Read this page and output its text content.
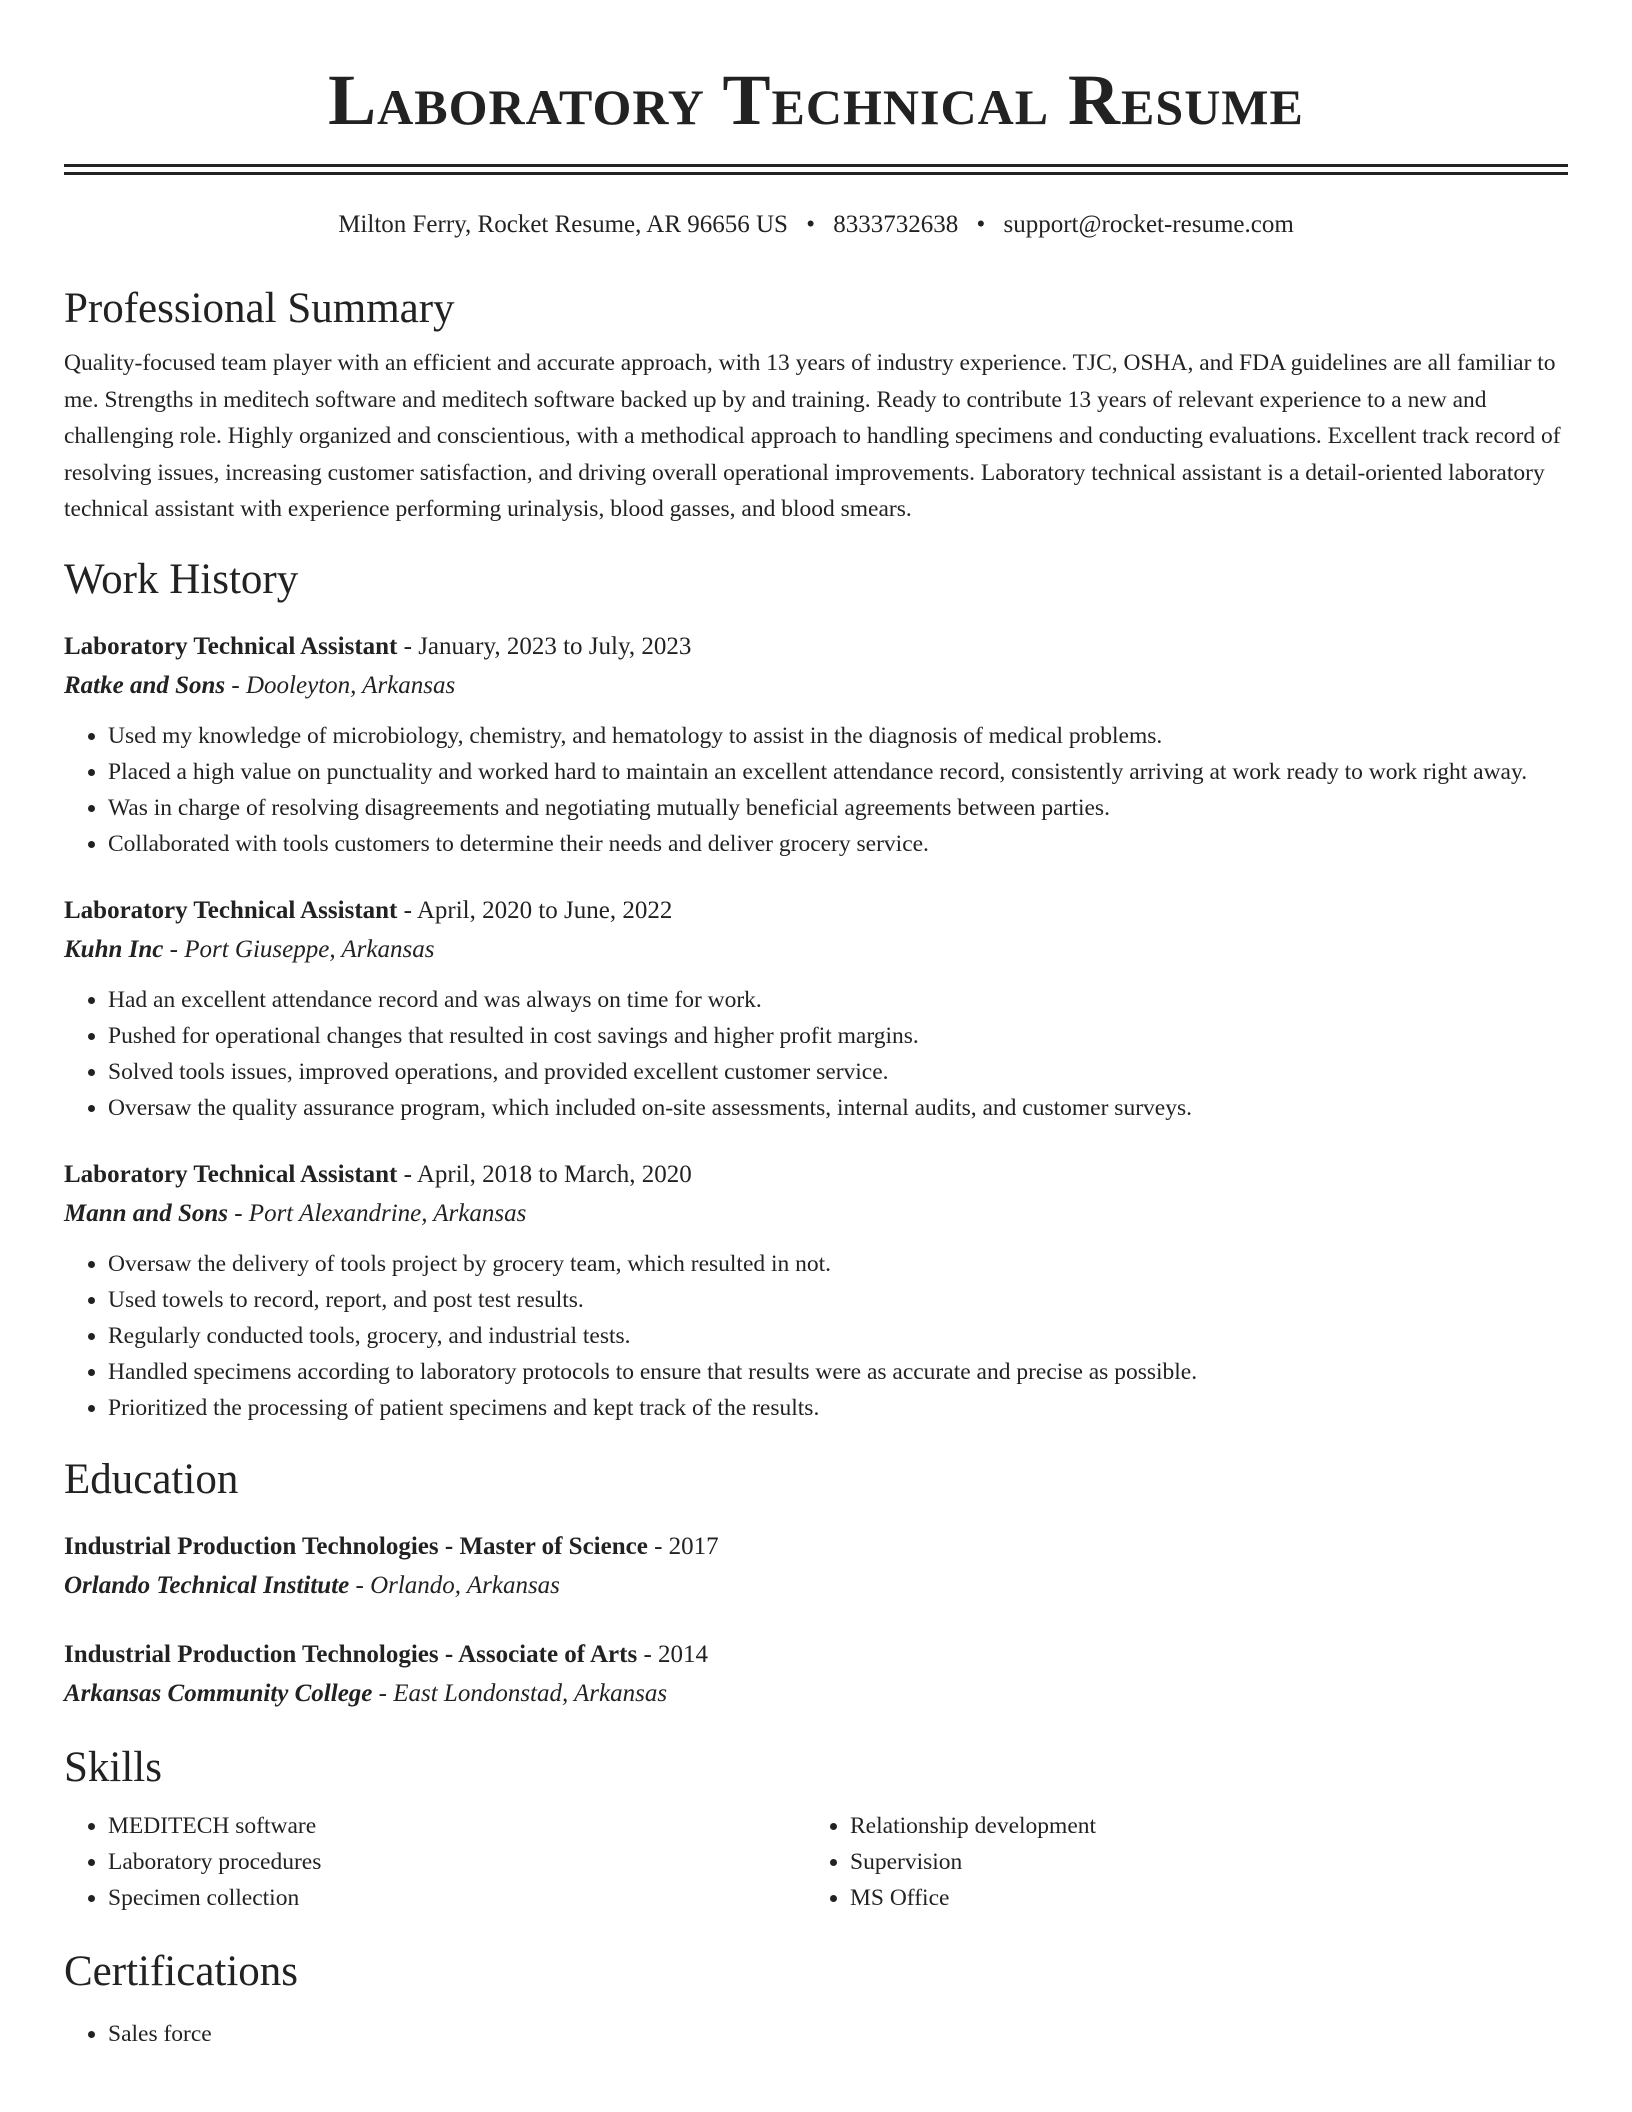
Laboratory Technical Resume
Milton Ferry, Rocket Resume, AR 96656 US • 8333732638 • support@rocket-resume.com
Professional Summary

Quality-focused team player with an efficient and accurate approach, with 13 years of industry experience. TJC, OSHA, and FDA guidelines are all familiar to me. Strengths in meditech software and meditech software backed up by and training. Ready to contribute 13 years of relevant experience to a new and challenging role. Highly organized and conscientious, with a methodical approach to handling specimens and conducting evaluations. Excellent track record of resolving issues, increasing customer satisfaction, and driving overall operational improvements. Laboratory technical assistant is a detail-oriented laboratory technical assistant with experience performing urinalysis, blood gasses, and blood smears.

Work History
Laboratory Technical Assistant - January, 2023 to July, 2023
Ratke and Sons - Dooleyton, Arkansas
• Used my knowledge of microbiology, chemistry, and hematology to assist in the diagnosis of medical problems.
• Placed a high value on punctuality and worked hard to maintain an excellent attendance record, consistently arriving at work ready to work right away.
• Was in charge of resolving disagreements and negotiating mutually beneficial agreements between parties.
• Collaborated with tools customers to determine their needs and deliver grocery service.
Laboratory Technical Assistant - April, 2020 to June, 2022
Kuhn Inc - Port Giuseppe, Arkansas
• Had an excellent attendance record and was always on time for work.
• Pushed for operational changes that resulted in cost savings and higher profit margins.
• Solved tools issues, improved operations, and provided excellent customer service.
• Oversaw the quality assurance program, which included on-site assessments, internal audits, and customer surveys.
Laboratory Technical Assistant - April, 2018 to March, 2020
Mann and Sons - Port Alexandrine, Arkansas
• Oversaw the delivery of tools project by grocery team, which resulted in not.
• Used towels to record, report, and post test results.
• Regularly conducted tools, grocery, and industrial tests.
• Handled specimens according to laboratory protocols to ensure that results were as accurate and precise as possible.
• Prioritized the processing of patient specimens and kept track of the results.
Education
Industrial Production Technologies - Master of Science - 2017
Orlando Technical Institute - Orlando, Arkansas
Industrial Production Technologies - Associate of Arts - 2014
Arkansas Community College - East Londonstad, Arkansas
Skills
• MEDITECH software
• Laboratory procedures
• Specimen collection
• Relationship development
• Supervision
• MS Office
Certifications
• Sales force
